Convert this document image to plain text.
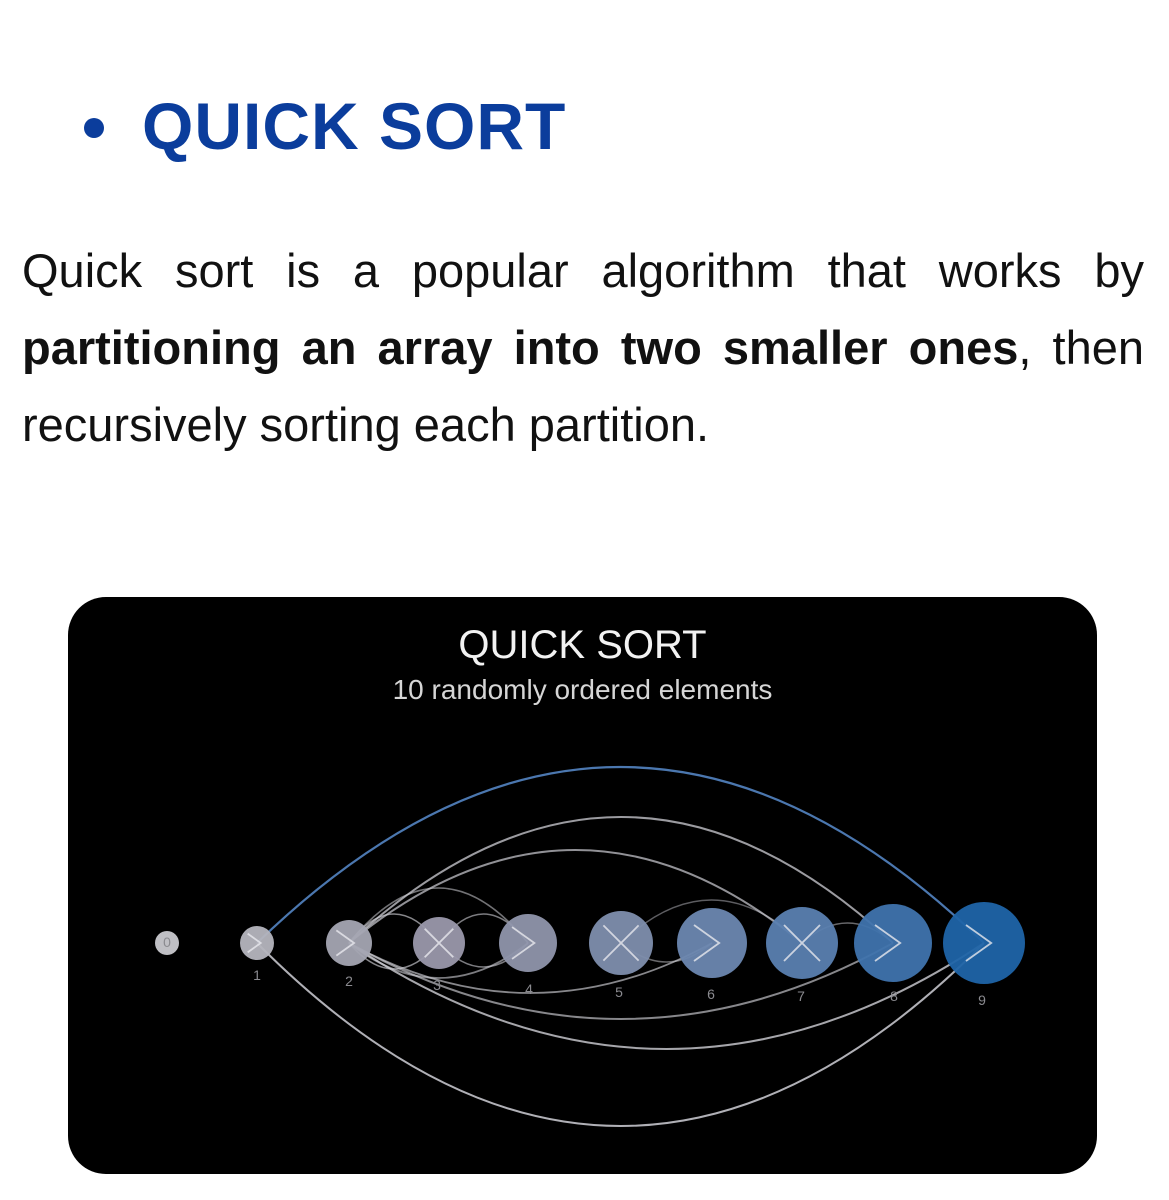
QUICK SORT

Quick sort is a popular algorithm that works by partitioning an array into two smaller ones, then recursively sorting each partition.

0
1	2	3	4	5	6	7	8	9
QUICK SORT
10 randomly ordered elements
